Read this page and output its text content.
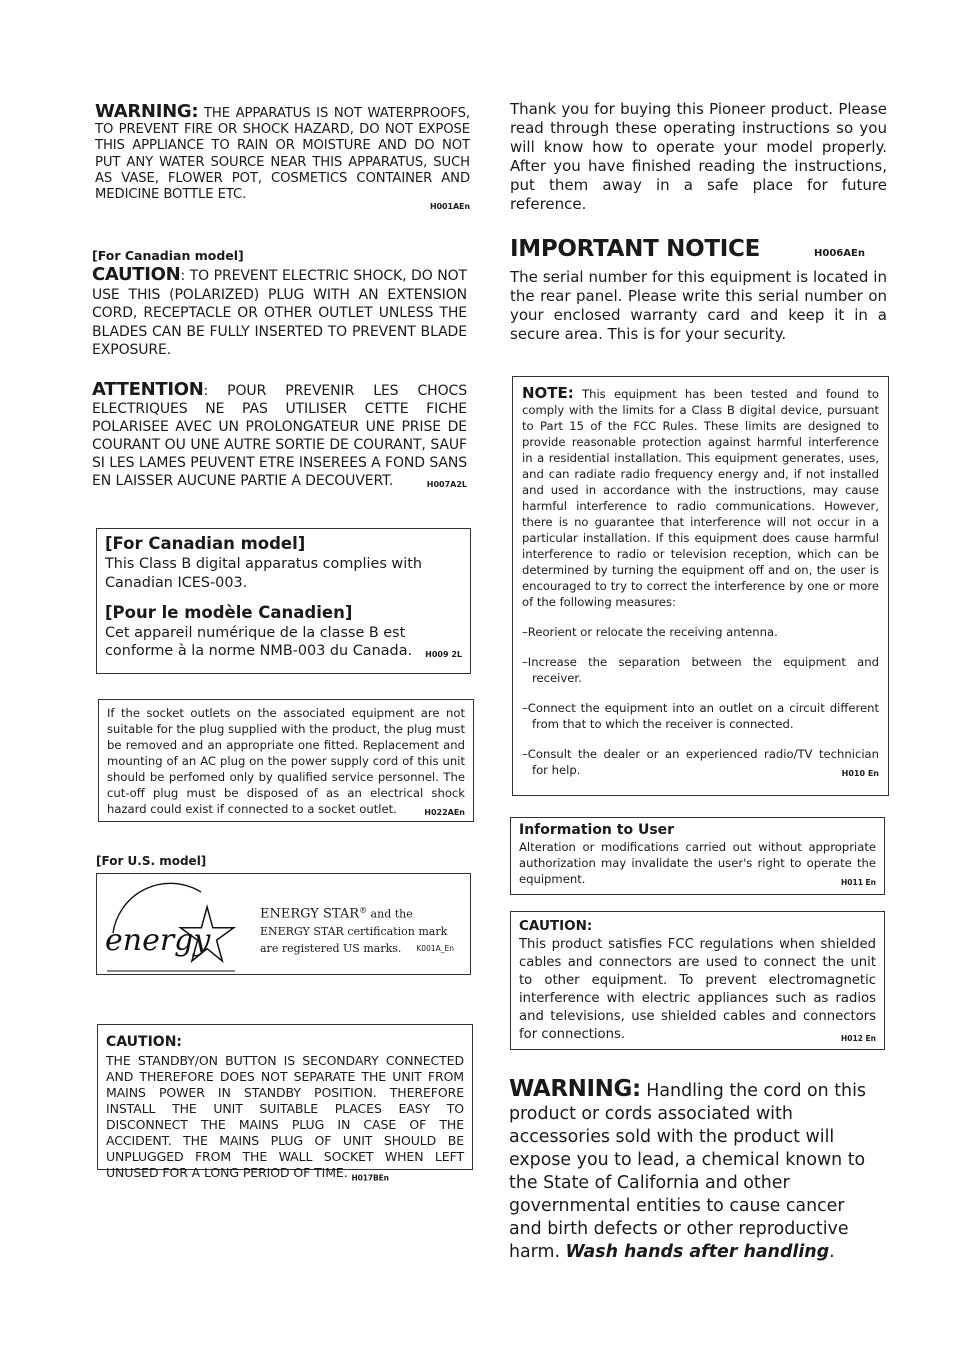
WARNING: THE APPARATUS IS NOT WATERPROOFS, TO PREVENT FIRE OR SHOCK HAZARD, DO NOT EXPOSE THIS APPLIANCE TO RAIN OR MOISTURE AND DO NOT PUT ANY WATER SOURCE NEAR THIS APPARATUS, SUCH AS VASE, FLOWER POT, COSMETICS CONTAINER AND MEDICINE BOTTLE ETC.
H001AEn
[For Canadian model]

CAUTION: TO PREVENT ELECTRIC SHOCK, DO NOT USE THIS (POLARIZED) PLUG WITH AN EXTENSION CORD, RECEPTACLE OR OTHER OUTLET UNLESS THE BLADES CAN BE FULLY INSERTED TO PREVENT BLADE EXPOSURE.

ATTENTION: POUR PREVENIR LES CHOCS ELECTRIQUES NE PAS UTILISER CETTE FICHE POLARISEE AVEC UN PROLONGATEUR UNE PRISE DE COURANT OU UNE AUTRE SORTIE DE COURANT, SAUF SI LES LAMES PEUVENT ETRE INSEREES A FOND SANS EN LAISSER AUCUNE PARTIE A DECOUVERT.	H007A2L
[For Canadian model]

This Class B digital apparatus complies with Canadian ICES-003.

[Pour le modèle Canadien]

Cet appareil numérique de la classe B est conforme à la norme NMB-003 du Canada. H009 2L

If the socket outlets on the associated equipment are not suitable for the plug supplied with the product, the plug must be removed and an appropriate one fitted. Replacement and mounting of an AC plug on the power supply cord of this unit should be perfomed only by qualified service personnel. The cut-off plug must be disposed of as an electrical shock hazard could exist if connected to a socket outlet.	H022AEn
[For U.S. model]
energy
ENERGY STAR® and the ENERGY STAR certification mark are registered US marks. K001A_En
CAUTION:

THE STANDBY/ON BUTTON IS SECONDARY CONNECTED AND THEREFORE DOES NOT SEPARATE THE UNIT FROM MAINS POWER IN STANDBY POSITION. THEREFORE INSTALL THE UNIT SUITABLE PLACES EASY TO DISCONNECT THE MAINS PLUG IN CASE OF THE ACCIDENT. THE MAINS PLUG OF UNIT SHOULD BE UNPLUGGED FROM THE WALL SOCKET WHEN LEFT UNUSED FOR A LONG PERIOD OF TIME. $_{H017BEn}$

Thank you for buying this Pioneer product. Please read through these operating instructions so you will know how to operate your model properly. After you have finished reading the instructions, put them away in a safe place for future reference.
IMPORTANT NOTICE	H006AEn

The serial number for this equipment is located in the rear panel. Please write this serial number on your enclosed warranty card and keep it in a secure area. This is for your security.

NOTE: This equipment has been tested and found to comply with the limits for a Class B digital device, pursuant to Part 15 of the FCC Rules. These limits are designed to provide reasonable protection against harmful interference in a residential installation. This equipment generates, uses, and can radiate radio frequency energy and, if not installed and used in accordance with the instructions, may cause harmful interference to radio communications. However, there is no guarantee that interference will not occur in a particular installation. If this equipment does cause harmful interference to radio or television reception, which can be determined by turning the equipment off and on, the user is encouraged to try to correct the interference by one or more of the following measures:

–Reorient or relocate the receiving antenna.

–Increase the separation between the equipment and receiver.

–Connect the equipment into an outlet on a circuit different from that to which the receiver is connected.

–Consult the dealer or an experienced radio/TV technician for help.	H010 En

Information to User
Alteration or modifications carried out without appropriate authorization may invalidate the user's right to operate the equipment.	H011 En
CAUTION:

This product satisfies FCC regulations when shielded cables and connectors are used to connect the unit to other equipment. To prevent electromagnetic interference with electric appliances such as radios and televisions, use shielded cables and connectors for connections.	H012 En

WARNING: Handling the cord on this product or cords associated with accessories sold with the product will expose you to lead, a chemical known to the State of California and other governmental entities to cause cancer and birth defects or other reproductive harm. Wash hands after handling.
